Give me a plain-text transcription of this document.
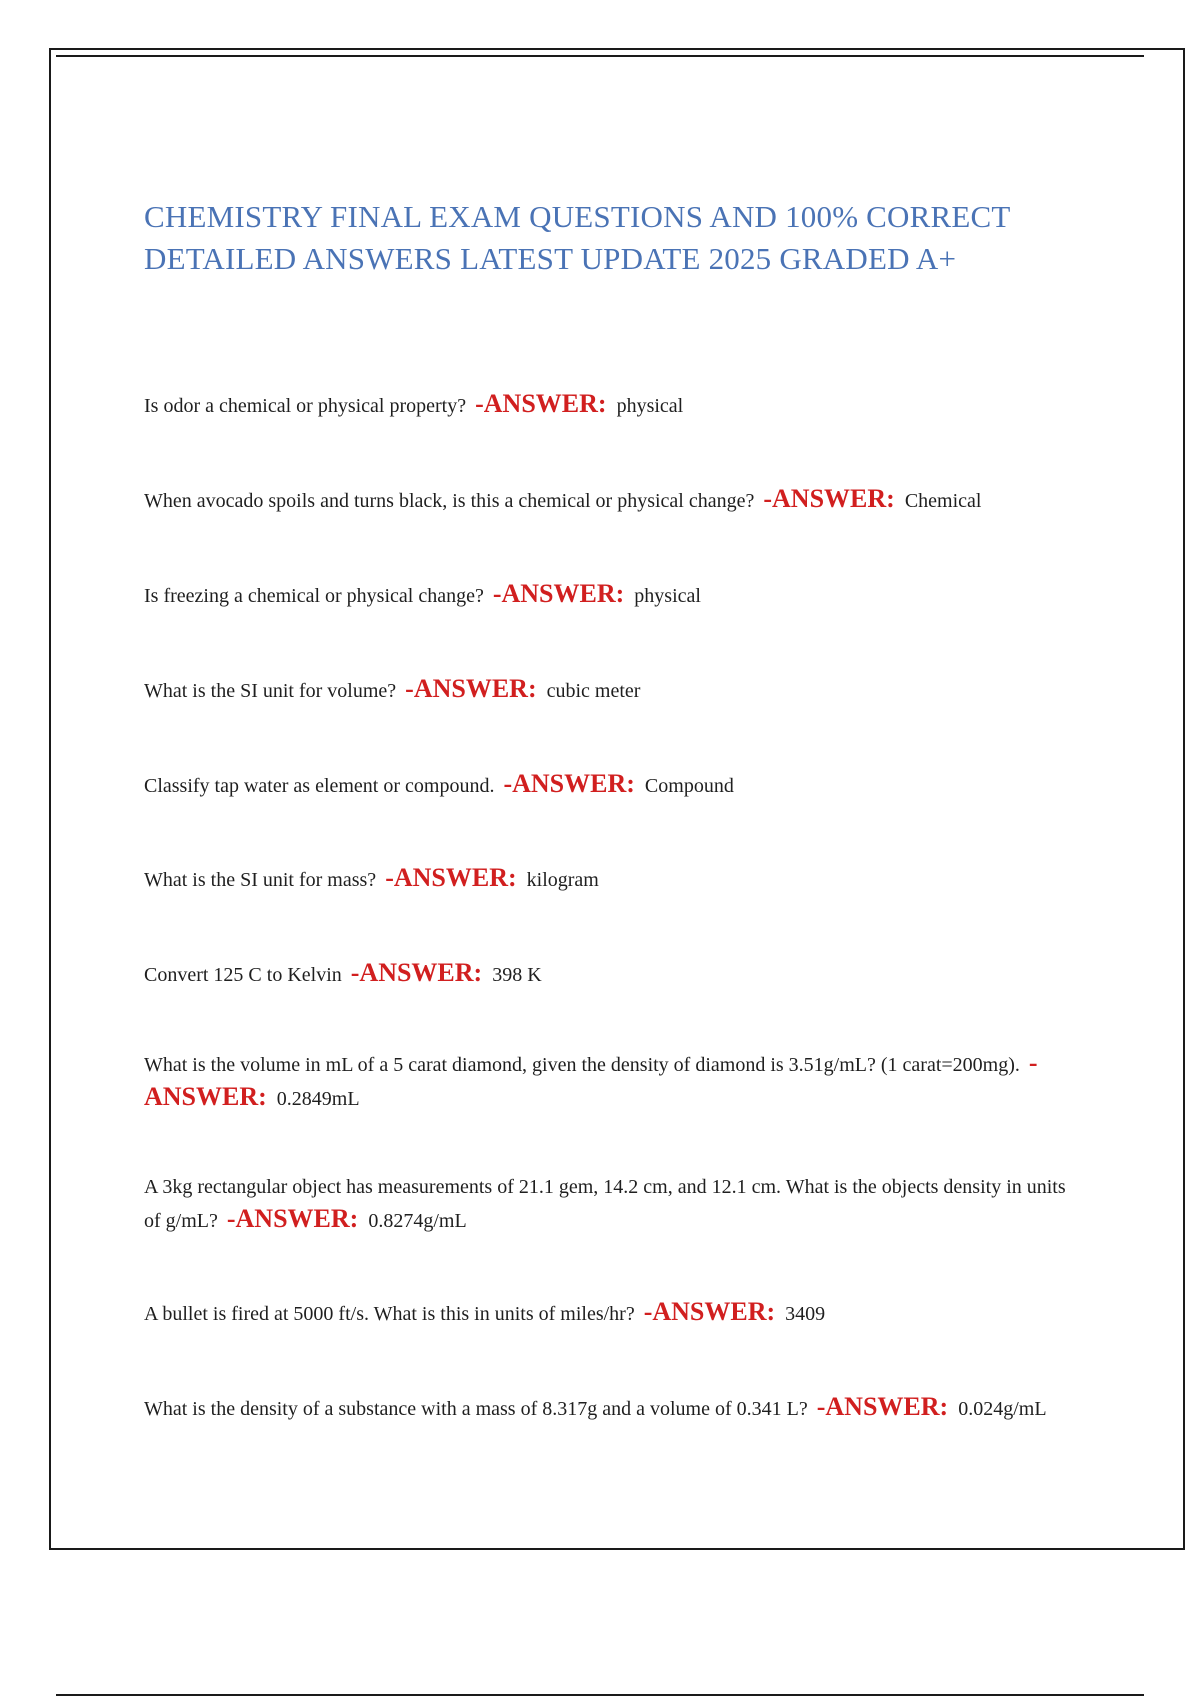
CHEMISTRY FINAL EXAM QUESTIONS AND 100% CORRECT
DETAILED ANSWERS LATEST UPDATE 2025 GRADED A+
Is odor a chemical or physical property? -ANSWER: physical
When avocado spoils and turns black, is this a chemical or physical change? -ANSWER: Chemical
Is freezing a chemical or physical change? -ANSWER: physical
What is the SI unit for volume? -ANSWER: cubic meter
Classify tap water as element or compound. -ANSWER: Compound
What is the SI unit for mass? -ANSWER: kilogram
Convert 125 C to Kelvin -ANSWER: 398 K
What is the volume in mL of a 5 carat diamond, given the density of diamond is 3.51g/mL? (1 carat=200mg). -ANSWER: 0.2849mL
A 3kg rectangular object has measurements of 21.1 gem, 14.2 cm, and 12.1 cm. What is the objects density in units of g/mL? -ANSWER: 0.8274g/mL
A bullet is fired at 5000 ft/s. What is this in units of miles/hr? -ANSWER: 3409
What is the density of a substance with a mass of 8.317g and a volume of 0.341 L? -ANSWER: 0.024g/mL
